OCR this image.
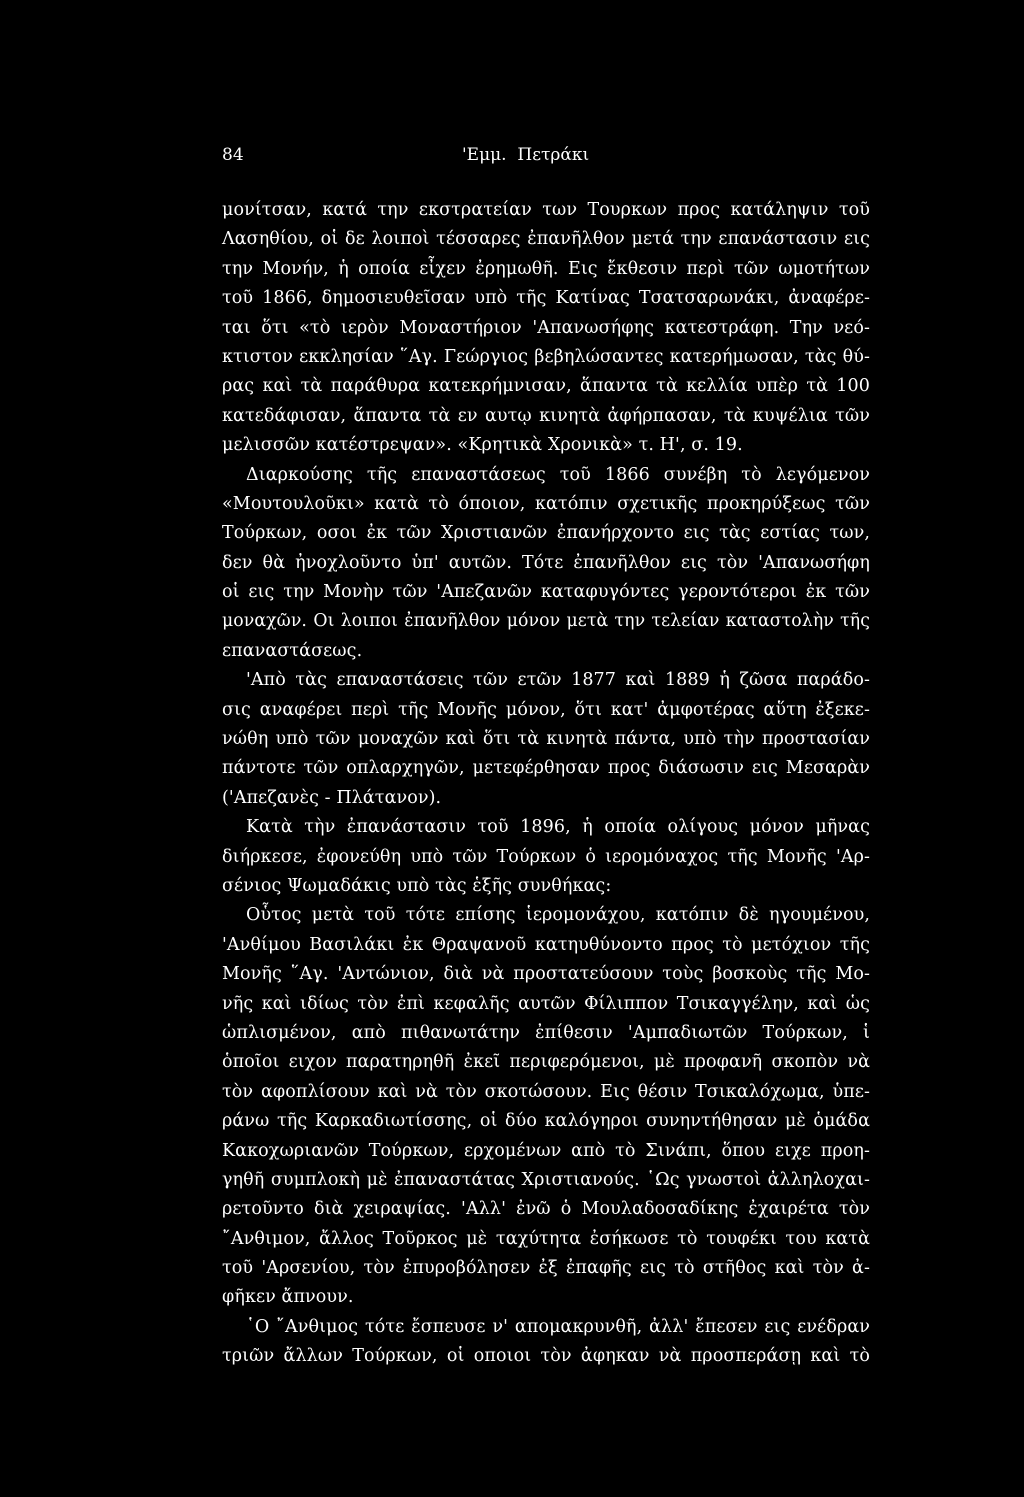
84	'Εμμ.  Πετράκι
μονίτσαν, κατά την εκστρατείαν των Τουρκων προς κατάληψιν τοῦ
Λασηθίου, οἱ δε λοιποὶ τέσσαρες ἐπανῆλθον μετά την επανάστασιν εις
την Μονήν, ἡ οποία εἶχεν ἐρημωθῆ. Εις ἔκθεσιν περὶ τῶν ωμοτήτων
τοῦ 1866, δημοσιευθεῖσαν υπὸ τῆς Κατίνας Τσατσαρωνάκι, ἀναφέρε-
ται ὅτι «τὸ ιερὸν Μοναστήριον 'Απανωσήφης κατεστράφη. Την νεό-
κτιστον εκκλησίαν ῞Αγ. Γεώργιος βεβηλώσαντες κατερήμωσαν, τὰς θύ-
ρας καὶ τὰ παράθυρα κατεκρήμνισαν, ἅπαντα τὰ κελλία υπὲρ τὰ 100
κατεδάφισαν, ἅπαντα τὰ εν αυτῳ κινητὰ ἀφήρπασαν, τὰ κυψέλια τῶν
μελισσῶν κατέστρεψαν». «Κρητικὰ Χρονικὰ» τ. Η', σ. 19.
Διαρκούσης τῆς επαναστάσεως τοῦ 1866 συνέβη τὸ λεγόμενον
«Μουτουλοῦκι» κατὰ τὸ όποιον, κατόπιν σχετικῆς προκηρύξεως τῶν
Τούρκων, οσοι ἐκ τῶν Χριστιανῶν ἐπανήρχοντο εις τὰς εστίας των,
δεν θὰ ἠνοχλοῦντο ὑπ' αυτῶν. Τότε ἐπανῆλθον εις τὸν 'Απανωσήφη
οἱ εις την Μονὴν τῶν 'Απεζανῶν καταφυγόντες γεροντότεροι ἐκ τῶν
μοναχῶν. Οι λοιποι ἐπανῆλθον μόνον μετὰ την τελείαν καταστολὴν τῆς
επαναστάσεως.
'Απὸ τὰς επαναστάσεις τῶν ετῶν 1877 καὶ 1889 ἡ ζῶσα παράδο-
σις αναφέρει περὶ τῆς Μονῆς μόνον, ὅτι κατ' ἀμφοτέρας αὕτη ἐξεκε-
νώθη υπὸ τῶν μοναχῶν καὶ ὅτι τὰ κινητὰ πάντα, υπὸ τὴν προστασίαν
πάντοτε τῶν οπλαρχηγῶν, μετεφέρθησαν προς διάσωσιν εις Μεσαρὰν
('Απεζανὲς - Πλάτανον).
Κατὰ τὴν ἐπανάστασιν τοῦ 1896, ἡ οποία ολίγους μόνον μῆνας
διήρκεσε, ἐφονεύθη υπὸ τῶν Τούρκων ὁ ιερομόναχος τῆς Μονῆς 'Αρ-
σένιος Ψωμαδάκις υπὸ τὰς ἑξῆς συνθήκας:
Οὗτος μετὰ τοῦ τότε επίσης ἱερομονάχου, κατόπιν δὲ ηγουμένου,
'Ανθίμου Βασιλάκι ἐκ Θραψανοῦ κατηυθύνοντο προς τὸ μετόχιον τῆς
Μονῆς ῞Αγ. 'Αντώνιον, διὰ νὰ προστατεύσουν τοὺς βοσκοὺς τῆς Μο-
νῆς καὶ ιδίως τὸν ἐπὶ κεφαλῆς αυτῶν Φίλιππον Τσικαγγέλην, καὶ ὡς
ὡπλισμένον, απὸ πιθανωτάτην ἐπίθεσιν 'Αμπαδιωτῶν Τούρκων, ἱ
ὁποῖοι ειχον παρατηρηθῆ ἐκεῖ περιφερόμενοι, μὲ προφανῆ σκοπὸν νὰ
τὸν αφοπλίσουν καὶ νὰ τὸν σκοτώσουν. Εις θέσιν Τσικαλόχωμα, ὑπε-
ράνω τῆς Καρκαδιωτίσσης, οἱ δύο καλόγηροι συνηντήθησαν μὲ ὁμάδα
Κακοχωριανῶν Τούρκων, ερχομένων απὸ τὸ Σινάπι, ὅπου ειχε προη-
γηθῆ συμπλοκὴ μὲ ἐπαναστάτας Χριστιανούς. ῾Ως γνωστοὶ ἀλληλοχαι-
ρετοῦντο διὰ χειραψίας. 'Αλλ' ἐνῶ ὁ Μουλαδοσαδίκης ἐχαιρέτα τὸν
῎Ανθιμον, ἄλλος Τοῦρκος μὲ ταχύτητα ἐσήκωσε τὸ τουφέκι του κατὰ
τοῦ 'Αρσενίου, τὸν ἐπυροβόλησεν ἐξ ἐπαφῆς εις τὸ στῆθος καὶ τὸν ἀ-
φῆκεν ἄπνουν.
῾Ο ῎Ανθιμος τότε ἔσπευσε ν' απομακρυνθῆ, ἀλλ' ἔπεσεν εις ενέδραν
τριῶν ἄλλων Τούρκων, οἱ οποιοι τὸν ἀφηκαν νὰ προσπεράσῃ καὶ τὸ
